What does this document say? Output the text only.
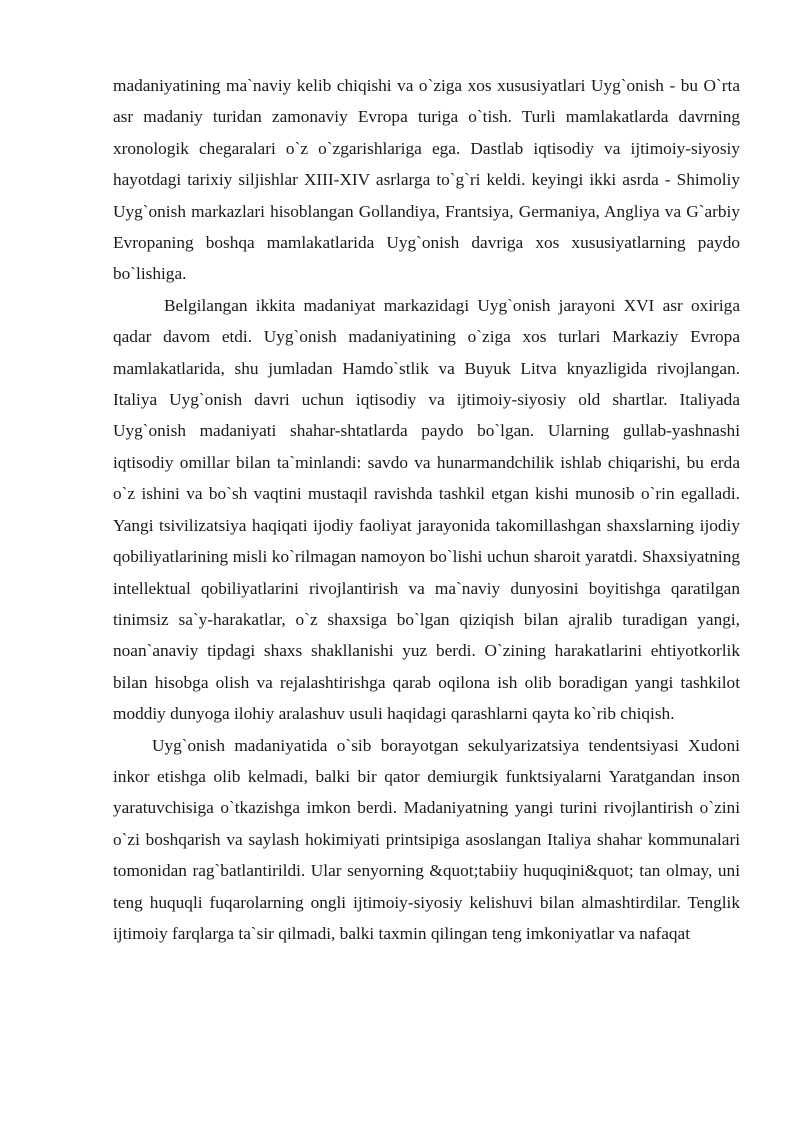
madaniyatining ma`naviy kelib chiqishi va o`ziga xos xususiyatlari Uyg`onish - bu O`rta asr madaniy turidan zamonaviy Evropa turiga o`tish. Turli mamlakatlarda davrning xronologik chegaralari o`z o`zgarishlariga ega. Dastlab iqtisodiy va ijtimoiy-siyosiy hayotdagi tarixiy siljishlar XIII-XIV asrlarga to`g`ri keldi. keyingi ikki asrda - Shimoliy Uyg`onish markazlari hisoblangan Gollandiya, Frantsiya, Germaniya, Angliya va G`arbiy Evropaning boshqa mamlakatlarida Uyg`onish davriga xos xususiyatlarning paydo bo`lishiga.

Belgilangan ikkita madaniyat markazidagi Uyg`onish jarayoni XVI asr oxiriga qadar davom etdi. Uyg`onish madaniyatining o`ziga xos turlari Markaziy Evropa mamlakatlarida, shu jumladan Hamdo`stlik va Buyuk Litva knyazligida rivojlangan. Italiya Uyg`onish davri uchun iqtisodiy va ijtimoiy-siyosiy old shartlar. Italiyada Uyg`onish madaniyati shahar-shtatlarda paydo bo`lgan. Ularning gullab-yashnashi iqtisodiy omillar bilan ta`minlandi: savdo va hunarmandchilik ishlab chiqarishi, bu erda o`z ishini va bo`sh vaqtini mustaqil ravishda tashkil etgan kishi munosib o`rin egalladi. Yangi tsivilizatsiya haqiqati ijodiy faoliyat jarayonida takomillashgan shaxslarning ijodiy qobiliyatlarining misli ko`rilmagan namoyon bo`lishi uchun sharoit yaratdi. Shaxsiyatning intellektual qobiliyatlarini rivojlantirish va ma`naviy dunyosini boyitishga qaratilgan tinimsiz sa`y-harakatlar, o`z shaxsiga bo`lgan qiziqish bilan ajralib turadigan yangi, noan`anaviy tipdagi shaxs shakllanishi yuz berdi. O`zining harakatlarini ehtiyotkorlik bilan hisobga olish va rejalashtirishga qarab oqilona ish olib boradigan yangi tashkilot moddiy dunyoga ilohiy aralashuv usuli haqidagi qarashlarni qayta ko`rib chiqish.

Uyg`onish madaniyatida o`sib borayotgan sekulyarizatsiya tendentsiyasi Xudoni inkor etishga olib kelmadi, balki bir qator demiurgik funktsiyalarni Yaratgandan inson yaratuvchisiga o`tkazishga imkon berdi. Madaniyatning yangi turini rivojlantirish o`zini o`zi boshqarish va saylash hokimiyati printsipiga asoslangan Italiya shahar kommunalari tomonidan rag`batlantirildi. Ular senyorning &quot;tabiiy huquqini&quot; tan olmay, uni teng huquqli fuqarolarning ongli ijtimoiy-siyosiy kelishuvi bilan almashtirdilar. Tenglik ijtimoiy farqlarga ta`sir qilmadi, balki taxmin qilingan teng imkoniyatlar va nafaqat
